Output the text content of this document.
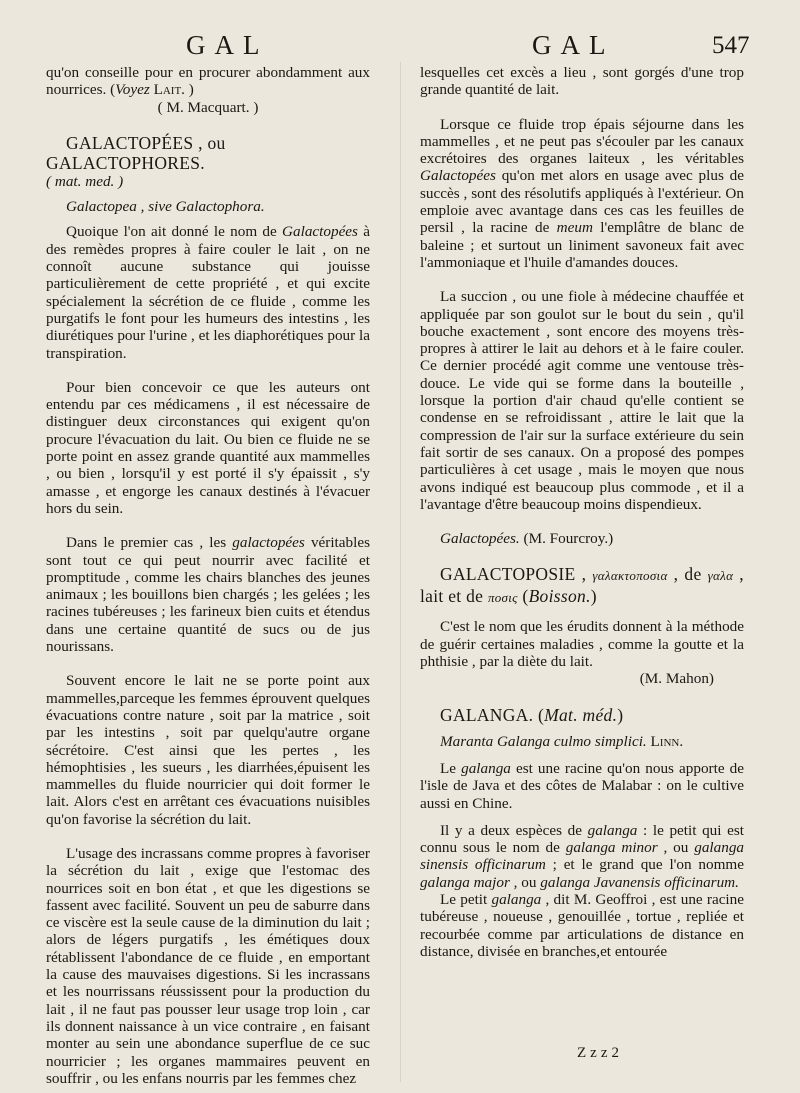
GAL	GAL	547

qu'on conseille pour en procurer abondamment aux nourrices. (Voyez Lait. )

( M. Macquart. )

GALACTOPÉES , ou GALACTOPHORES.

( mat. med. )

Galactopea , sive Galactophora.

Quoique l'on ait donné le nom de Galactopées à des remèdes propres à faire couler le lait , on ne connoît aucune substance qui jouisse particulièrement de cette propriété , et qui excite spécialement la sécrétion de ce fluide , comme les purgatifs le font pour les humeurs des intestins , les diurétiques pour l'urine , et les diaphorétiques pour la transpiration.

Pour bien concevoir ce que les auteurs ont entendu par ces médicamens , il est nécessaire de distinguer deux circonstances qui exigent qu'on procure l'évacuation du lait. Ou bien ce fluide ne se porte point en assez grande quantité aux mammelles , ou bien , lorsqu'il y est porté il s'y épaissit , s'y amasse , et engorge les canaux destinés à l'évacuer hors du sein.

Dans le premier cas , les galactopées véritables sont tout ce qui peut nourrir avec facilité et promptitude , comme les chairs blanches des jeunes animaux ; les bouillons bien chargés ; les gelées ; les racines tubéreuses ; les farineux bien cuits et étendus dans une certaine quantité de sucs ou de jus nourissans.

Souvent encore le lait ne se porte point aux mammelles,parceque les femmes éprouvent quelques évacuations contre nature , soit par la matrice , soit par les intestins , soit par quelqu'autre organe sécrétoire. C'est ainsi que les pertes , les hémophtisies , les sueurs , les diarrhées,épuisent les mammelles du fluide nourricier qui doit former le lait. Alors c'est en arrêtant ces évacuations nuisibles qu'on favorise la sécrétion du lait.

L'usage des incrassans comme propres à favoriser la sécrétion du lait , exige que l'estomac des nourrices soit en bon état , et que les digestions se fassent avec facilité. Souvent un peu de saburre dans ce viscère est la seule cause de la diminution du lait ; alors de légers purgatifs , les émétiques doux rétablissent l'abondance de ce fluide , en emportant la cause des mauvaises digestions. Si les incrassans et les nourrissans réussissent pour la production du lait , il ne faut pas pousser leur usage trop loin , car ils donnent naissance à un vice contraire , en faisant monter au sein une abondance superflue de ce suc nourricier ; les organes mammaires peuvent en souffrir , ou les enfans nourris par les femmes chez

lesquelles cet excès a lieu , sont gorgés d'une trop grande quantité de lait.

Lorsque ce fluide trop épais séjourne dans les mammelles , et ne peut pas s'écouler par les canaux excrétoires des organes laiteux , les véritables Galactopées qu'on met alors en usage avec plus de succès , sont des résolutifs appliqués à l'extérieur. On emploie avec avantage dans ces cas les feuilles de persil , la racine de meum l'emplâtre de blanc de baleine ; et surtout un liniment savoneux fait avec l'ammoniaque et l'huile d'amandes douces.

La succion , ou une fiole à médecine chauffée et appliquée par son goulot sur le bout du sein , qu'il bouche exactement , sont encore des moyens très-propres à attirer le lait au dehors et à le faire couler. Ce dernier procédé agit comme une ventouse très-douce. Le vide qui se forme dans la bouteille , lorsque la portion d'air chaud qu'elle contient se condense en se refroidissant , attire le lait que la compression de l'air sur la surface extérieure du sein fait sortir de ses canaux. On a proposé des pompes particulières à cet usage , mais le moyen que nous avons indiqué est beaucoup plus commode , et il a l'avantage d'être beaucoup moins dispendieux.

Galactopées. (M. Fourcroy.)

GALACTOPOSIE , γαλακτοποσια , de γαλα , lait et de ποσις (Boisson.)

C'est le nom que les érudits donnent à la méthode de guérir certaines maladies , comme la goutte et la phthisie , par la diète du lait.

(M. Mahon)

GALANGA. (Mat. méd.)

Maranta Galanga culmo simplici. Linn.

Le galanga est une racine qu'on nous apporte de l'isle de Java et des côtes de Malabar : on le cultive aussi en Chine.

Il y a deux espèces de galanga : le petit qui est connu sous le nom de galanga minor , ou galanga sinensis officinarum ; et le grand que l'on nomme galanga major , ou galanga Javanensis officinarum.

Le petit galanga , dit M. Geoffroi , est une racine tubéreuse , noueuse , genouillée , tortue , repliée et recourbée comme par articulations de distance en distance, divisée en branches,et entourée

Zzz2
